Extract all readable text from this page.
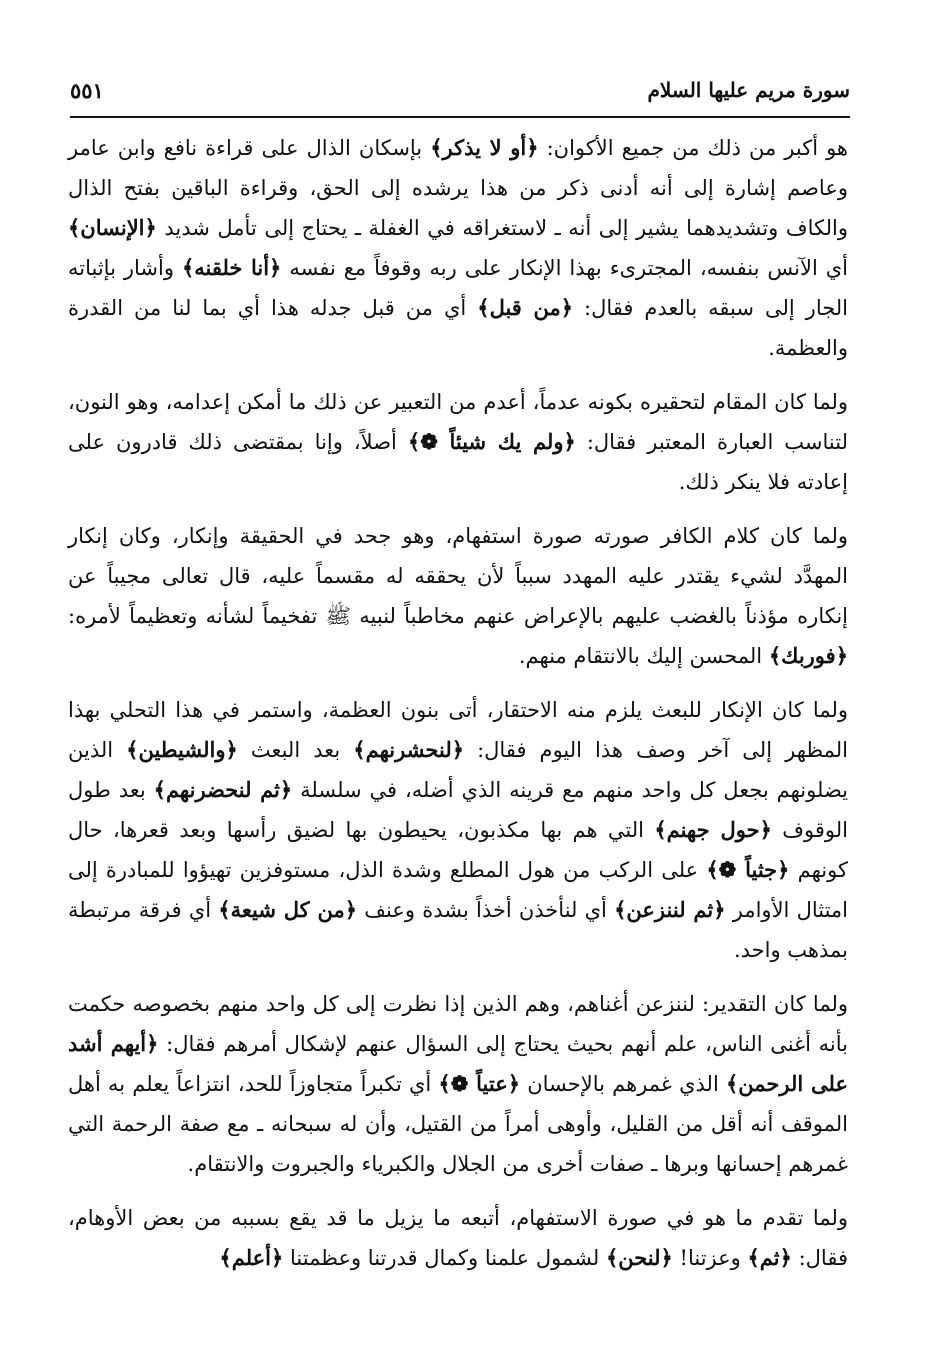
٥٥١	سورة مريم عليها السلام

هو أكبر من ذلك من جميع الأكوان: ﴿أو لا يذكر﴾ بإسكان الذال على قراءة نافع وابن عامر وعاصم إشارة إلى أنه أدنى ذكر من هذا يرشده إلى الحق، وقراءة الباقين بفتح الذال والكاف وتشديدهما يشير إلى أنه ـ لاستغراقه في الغفلة ـ يحتاج إلى تأمل شديد ﴿الإنسان﴾ أي الآنس بنفسه، المجترىء بهذا الإنكار على ربه وقوفاً مع نفسه ﴿أنا خلقنه﴾ وأشار بإثباته الجار إلى سبقه بالعدم فقال: ﴿من قبل﴾ أي من قبل جدله هذا أي بما لنا من القدرة والعظمة.

ولما كان المقام لتحقيره بكونه عدماً، أعدم من التعبير عن ذلك ما أمكن إعدامه، وهو النون، لتناسب العبارة المعتبر فقال: ﴿ولم يك شيئاً ❁﴾ أصلاً، وإنا بمقتضى ذلك قادرون على إعادته فلا ينكر ذلك.

ولما كان كلام الكافر صورته صورة استفهام، وهو جحد في الحقيقة وإنكار، وكان إنكار المهدَّد لشيء يقتدر عليه المهدد سبباً لأن يحققه له مقسماً عليه، قال تعالى مجيباً عن إنكاره مؤذناً بالغضب عليهم بالإعراض عنهم مخاطباً لنبيه ﷺ تفخيماً لشأنه وتعظيماً لأمره: ﴿فوربك﴾ المحسن إليك بالانتقام منهم.

ولما كان الإنكار للبعث يلزم منه الاحتقار، أتى بنون العظمة، واستمر في هذا التحلي بهذا المظهر إلى آخر وصف هذا اليوم فقال: ﴿لنحشرنهم﴾ بعد البعث ﴿والشيطين﴾ الذين يضلونهم بجعل كل واحد منهم مع قرينه الذي أضله، في سلسلة ﴿ثم لنحضرنهم﴾ بعد طول الوقوف ﴿حول جهنم﴾ التي هم بها مكذبون، يحيطون بها لضيق رأسها وبعد قعرها، حال كونهم ﴿جثياً ❁﴾ على الركب من هول المطلع وشدة الذل، مستوفزين تهيؤوا للمبادرة إلى امتثال الأوامر ﴿ثم لننزعن﴾ أي لنأخذن أخذاً بشدة وعنف ﴿من كل شيعة﴾ أي فرقة مرتبطة بمذهب واحد.

ولما كان التقدير: لننزعن أغناهم، وهم الذين إذا نظرت إلى كل واحد منهم بخصوصه حكمت بأنه أغنى الناس، علم أنهم بحيث يحتاج إلى السؤال عنهم لإشكال أمرهم فقال: ﴿أيهم أشد على الرحمن﴾ الذي غمرهم بالإحسان ﴿عتياً ❁﴾ أي تكبراً متجاوزاً للحد، انتزاعاً يعلم به أهل الموقف أنه أقل من القليل، وأوهى أمراً من القتيل، وأن له سبحانه ـ مع صفة الرحمة التي غمرهم إحسانها وبرها ـ صفات أخرى من الجلال والكبرياء والجبروت والانتقام.

ولما تقدم ما هو في صورة الاستفهام، أتبعه ما يزيل ما قد يقع بسببه من بعض الأوهام، فقال: ﴿ثم﴾ وعزتنا! ﴿لنحن﴾ لشمول علمنا وكمال قدرتنا وعظمتنا ﴿أعلم﴾
